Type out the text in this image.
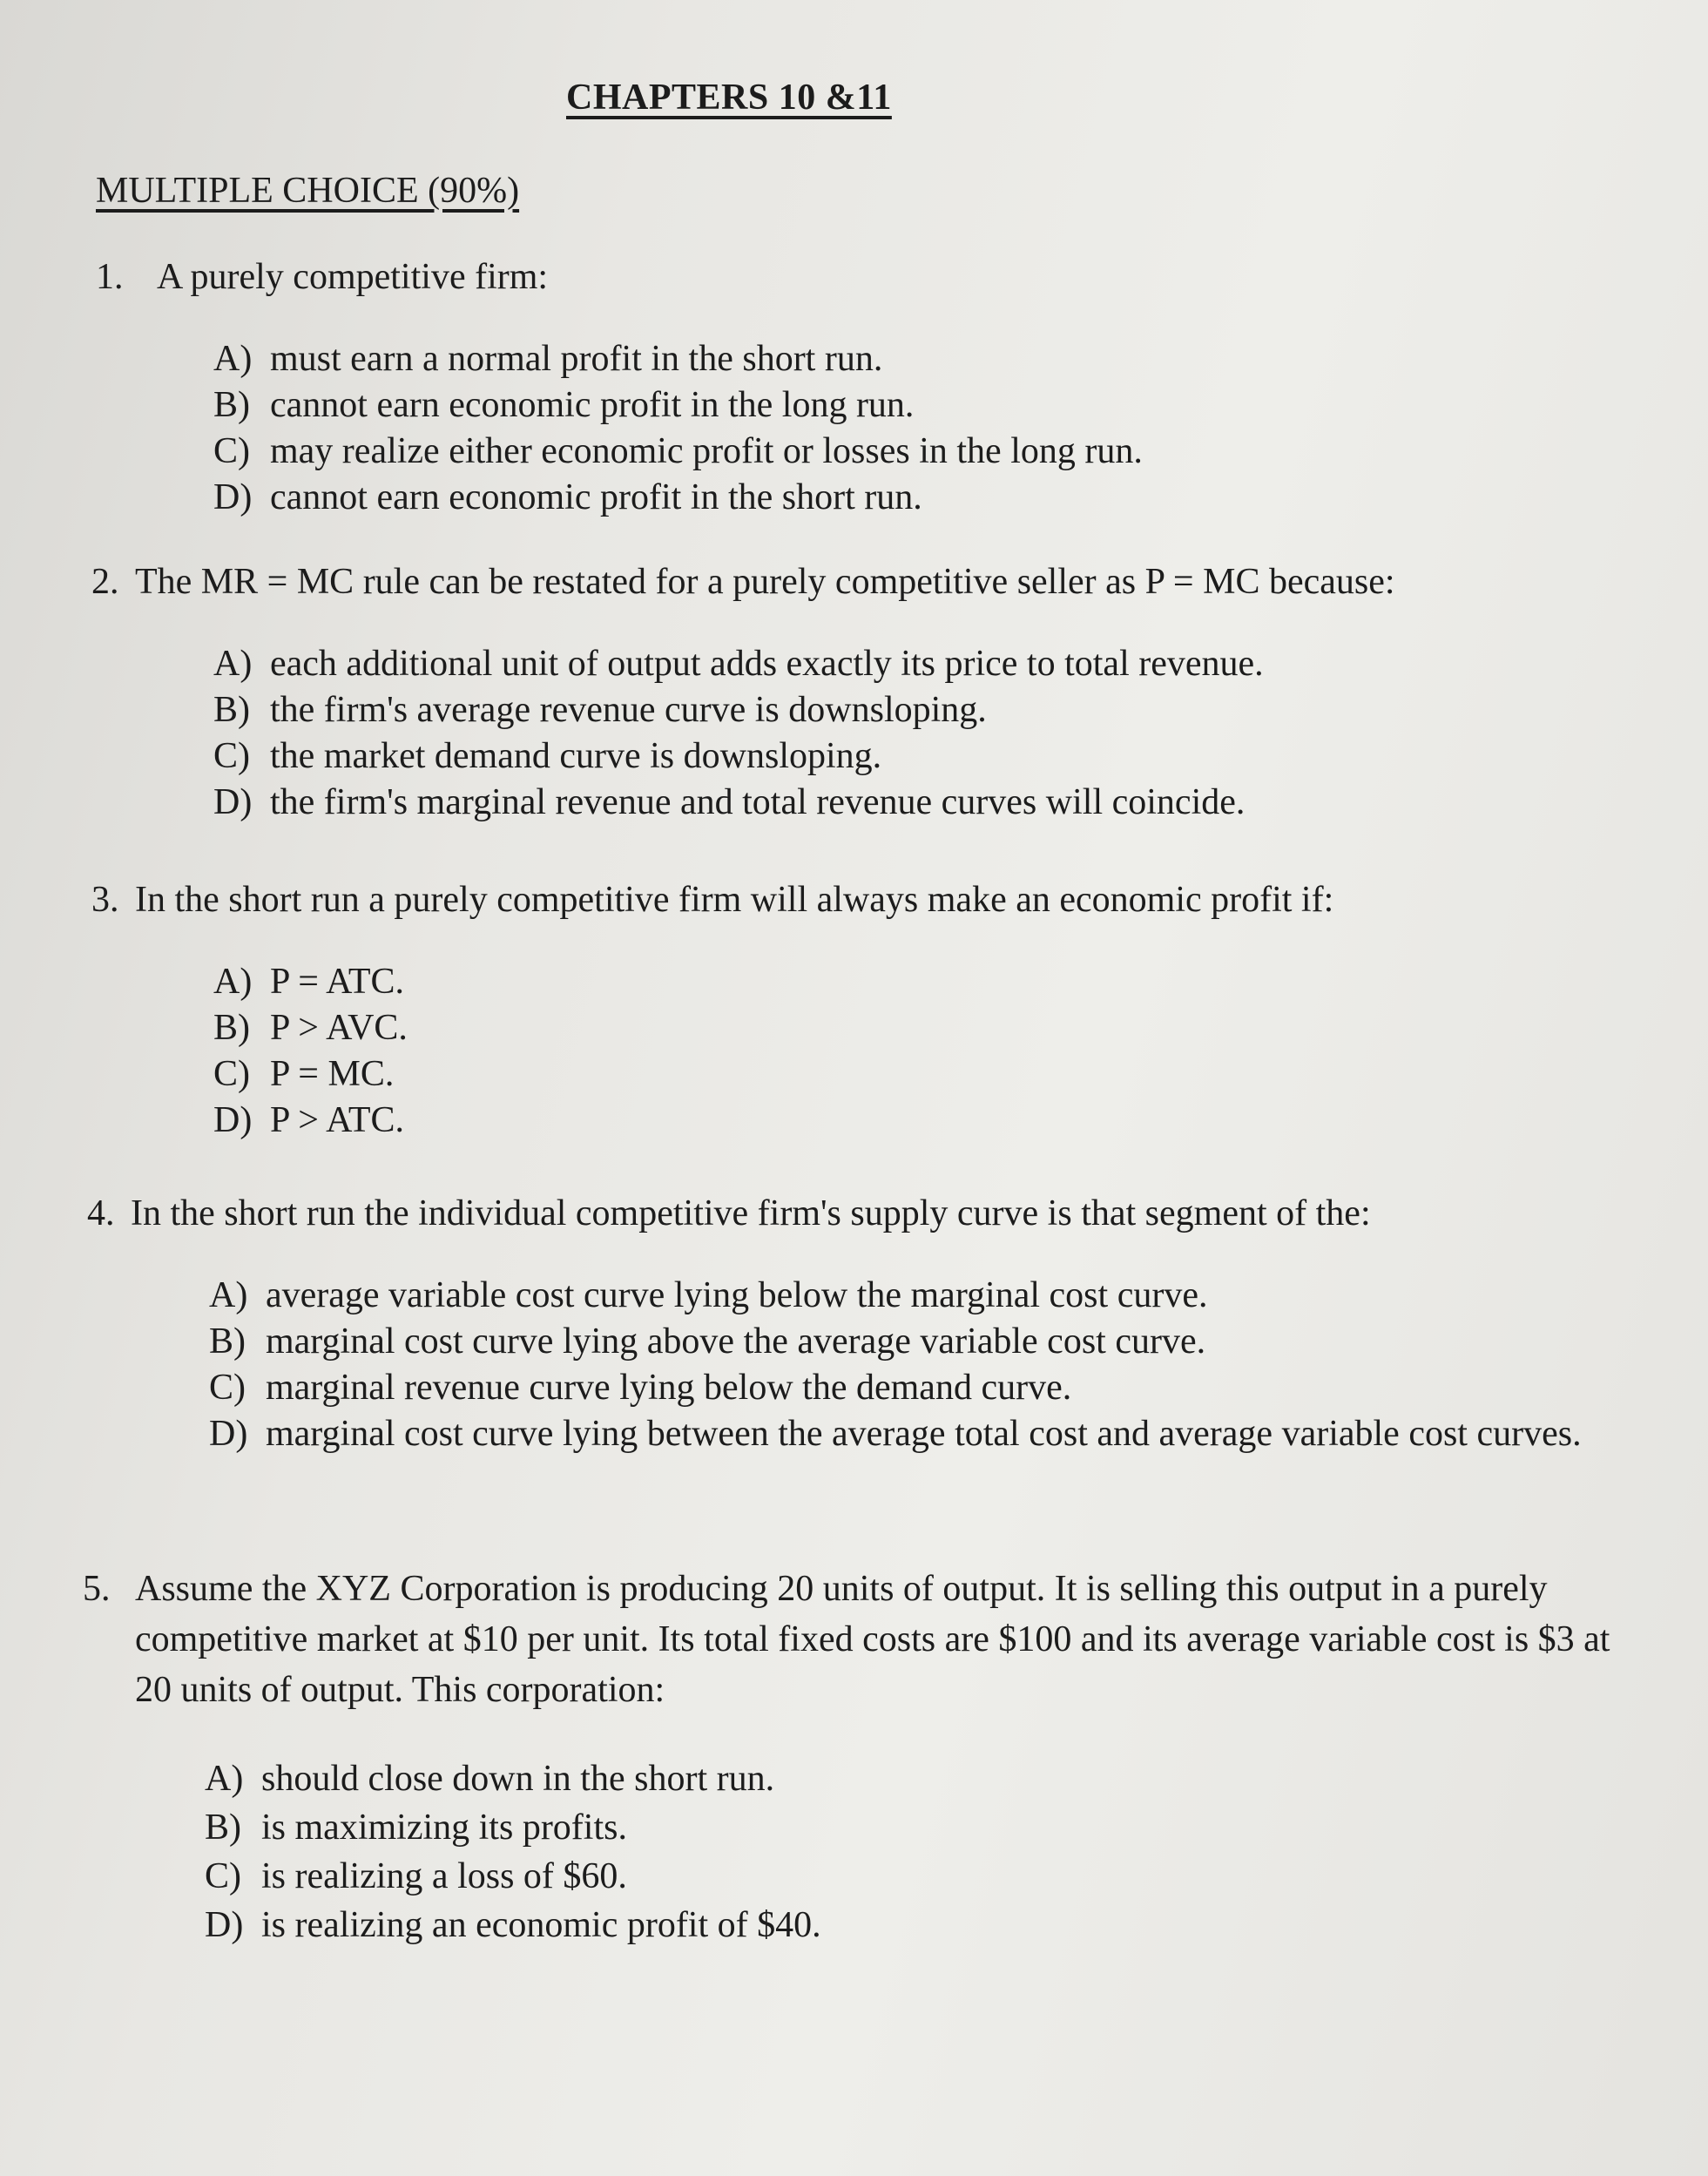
CHAPTERS 10 &11
MULTIPLE CHOICE (90%)
1. A purely competitive firm:
A) must earn a normal profit in the short run.
B) cannot earn economic profit in the long run.
C) may realize either economic profit or losses in the long run.
D) cannot earn economic profit in the short run.
2. The MR = MC rule can be restated for a purely competitive seller as P = MC because:
A) each additional unit of output adds exactly its price to total revenue.
B) the firm's average revenue curve is downsloping.
C) the market demand curve is downsloping.
D) the firm's marginal revenue and total revenue curves will coincide.
3. In the short run a purely competitive firm will always make an economic profit if:
A) P = ATC.
B) P > AVC.
C) P = MC.
D) P > ATC.
4. In the short run the individual competitive firm's supply curve is that segment of the:
A) average variable cost curve lying below the marginal cost curve.
B) marginal cost curve lying above the average variable cost curve.
C) marginal revenue curve lying below the demand curve.
D) marginal cost curve lying between the average total cost and average variable cost curves.
5. Assume the XYZ Corporation is producing 20 units of output. It is selling this output in a purely competitive market at $10 per unit. Its total fixed costs are $100 and its average variable cost is $3 at 20 units of output. This corporation:
A) should close down in the short run.
B) is maximizing its profits.
C) is realizing a loss of $60.
D) is realizing an economic profit of $40.
